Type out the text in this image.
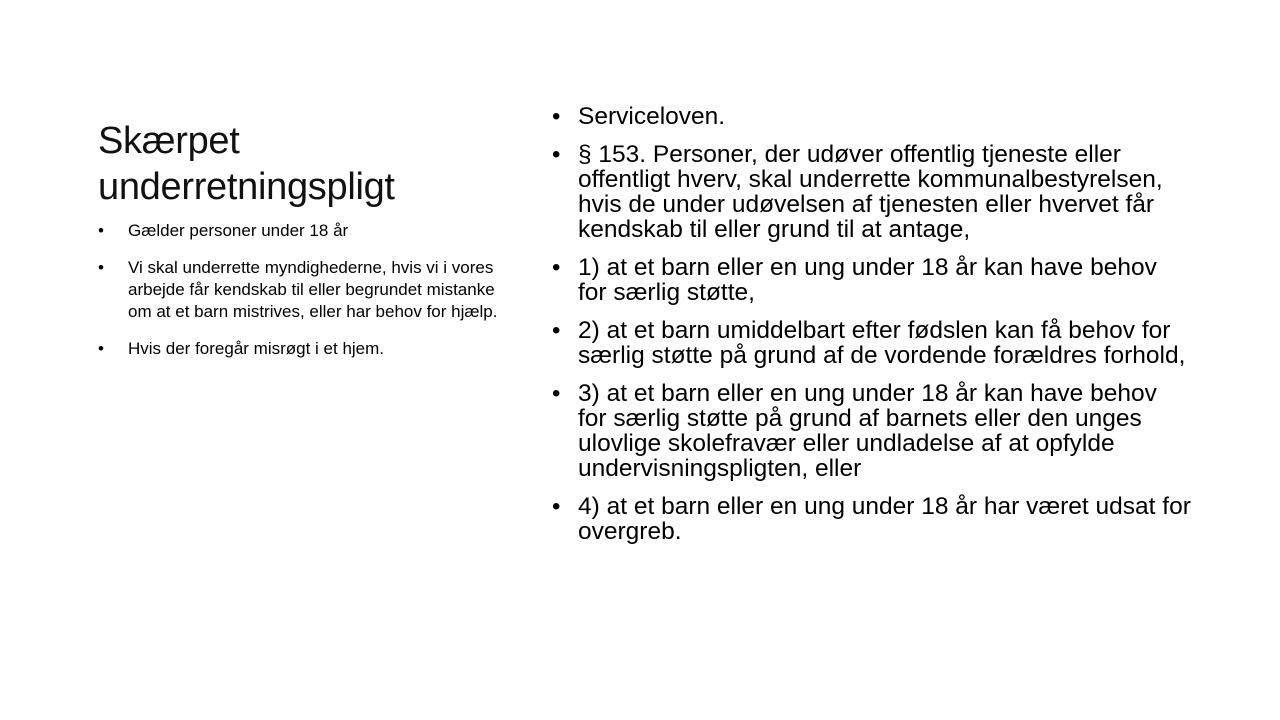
Skærpet underretningspligt
• Gælder personer under 18 år
• Vi skal underrette myndighederne, hvis vi i vores arbejde får kendskab til eller begrundet mistanke om at et barn mistrives, eller har behov for hjælp.
• Hvis der foregår misrøgt i et hjem.
• Serviceloven.
• § 153. Personer, der udøver offentlig tjeneste eller offentligt hverv, skal underrette kommunalbestyrelsen, hvis de under udøvelsen af tjenesten eller hvervet får kendskab til eller grund til at antage,
• 1) at et barn eller en ung under 18 år kan have behov for særlig støtte,
• 2) at et barn umiddelbart efter fødslen kan få behov for særlig støtte på grund af de vordende forældres forhold,
• 3) at et barn eller en ung under 18 år kan have behov for særlig støtte på grund af barnets eller den unges ulovlige skolefravær eller undladelse af at opfylde undervisningspligten, eller
• 4) at et barn eller en ung under 18 år har været udsat for overgreb.
